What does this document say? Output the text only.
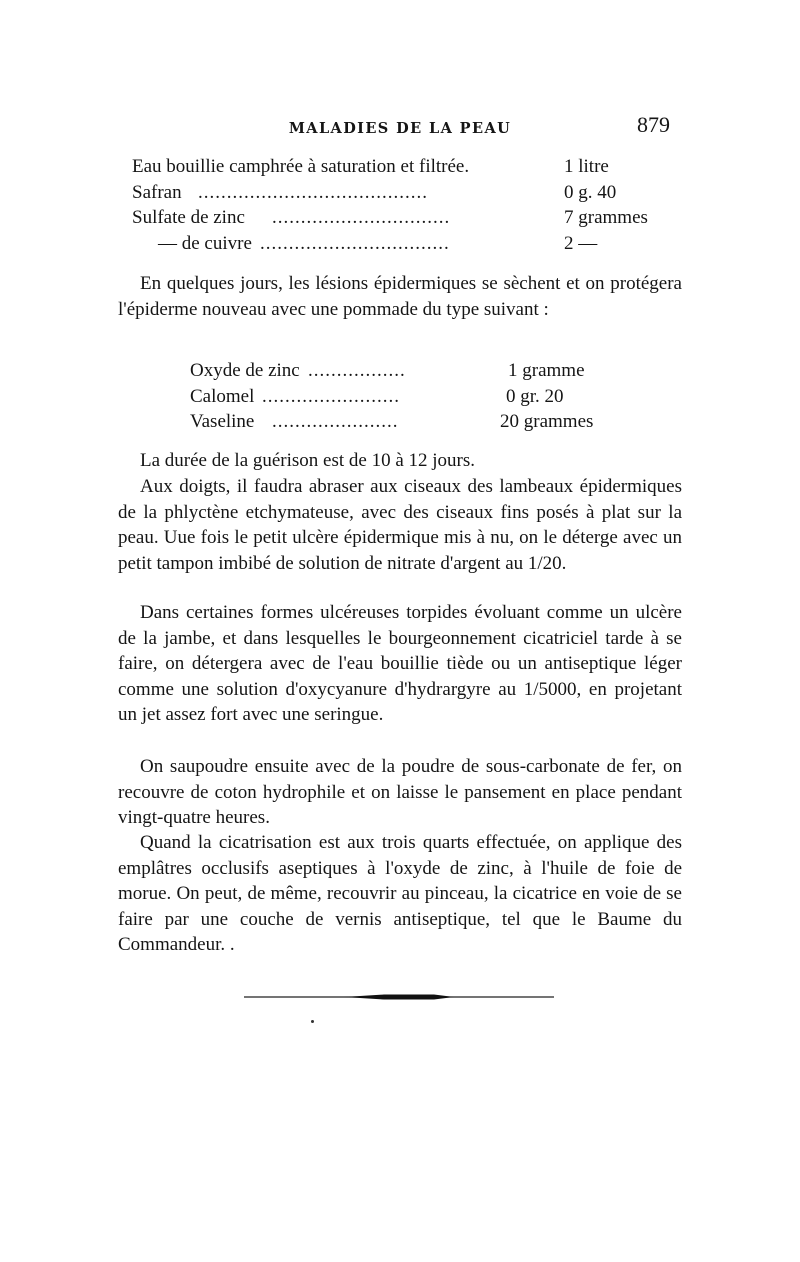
MALADIES DE LA PEAU	879
Eau bouillie camphrée à saturation et filtrée.	1 litre
Safran ........................................	0 g. 40
Sulfate de zinc ...............................	7 grammes
— de cuivre .................................	2 —

En quelques jours, les lésions épidermiques se sèchent et on protégera l'épiderme nouveau avec une pommade du type suivant :

Oxyde de zinc .................	1 gramme
Calomel ........................	0 gr. 20
Vaseline ......................	20 grammes

La durée de la guérison est de 10 à 12 jours.

Aux doigts, il faudra abraser aux ciseaux des lambeaux épidermiques de la phlyctène etchymateuse, avec des ciseaux fins posés à plat sur la peau. Uue fois le petit ulcère épidermique mis à nu, on le déterge avec un petit tampon imbibé de solution de nitrate d'argent au 1/20.

Dans certaines formes ulcéreuses torpides évoluant comme un ulcère de la jambe, et dans lesquelles le bourgeonnement cicatriciel tarde à se faire, on détergera avec de l'eau bouillie tiède ou un antiseptique léger comme une solution d'oxycyanure d'hydrargyre au 1/5000, en projetant un jet assez fort avec une seringue.

On saupoudre ensuite avec de la poudre de sous-carbonate de fer, on recouvre de coton hydrophile et on laisse le pansement en place pendant vingt-quatre heures.

Quand la cicatrisation est aux trois quarts effectuée, on applique des emplâtres occlusifs aseptiques à l'oxyde de zinc, à l'huile de foie de morue. On peut, de même, recouvrir au pinceau, la cicatrice en voie de se faire par une couche de vernis antiseptique, tel que le Baume du Commandeur. .
